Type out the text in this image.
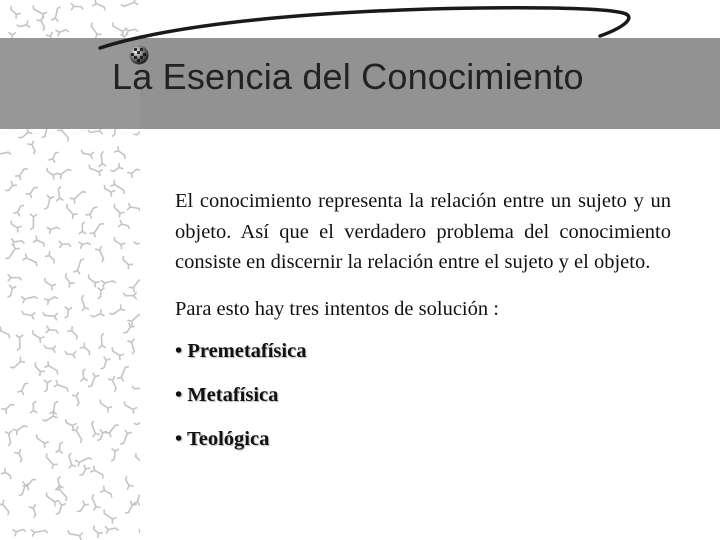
La Esencia del Conocimiento

El conocimiento representa la relación entre un sujeto y un objeto. Así que el verdadero problema del conocimiento consiste en discernir la relación entre el sujeto y el objeto.

Para esto hay tres intentos de solución :

• Premetafísica
• Metafísica
• Teológica
